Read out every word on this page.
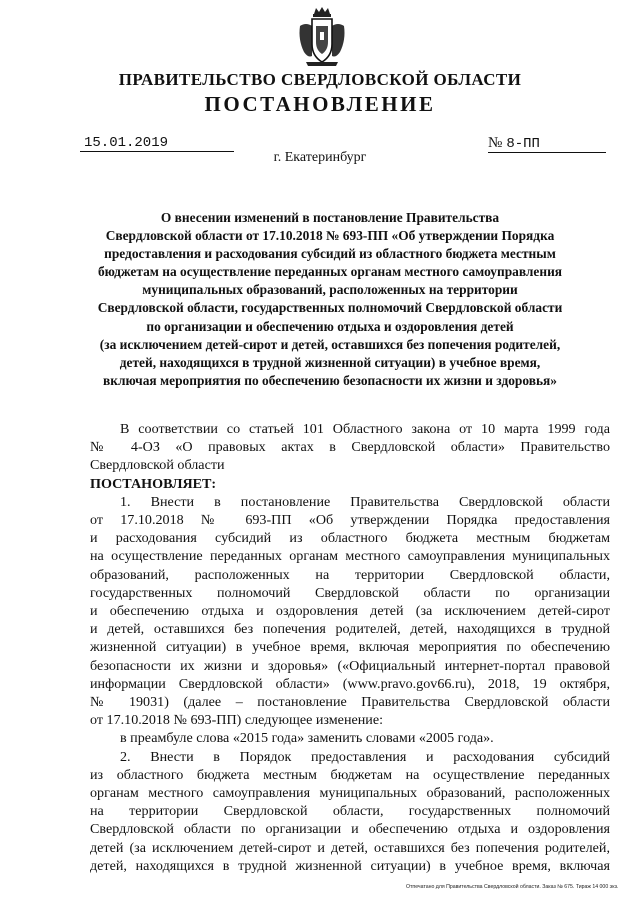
ПРАВИТЕЛЬСТВО СВЕРДЛОВСКОЙ ОБЛАСТИ
ПОСТАНОВЛЕНИЕ
15.01.2019	№ 8-ПП
г. Екатеринбург
О внесении изменений в постановление Правительства
Свердловской области от 17.10.2018 № 693-ПП «Об утверждении Порядка
предоставления и расходования субсидий из областного бюджета местным
бюджетам на осуществление переданных органам местного самоуправления
муниципальных образований, расположенных на территории
Свердловской области, государственных полномочий Свердловской области
по организации и обеспечению отдыха и оздоровления детей
(за исключением детей-сирот и детей, оставшихся без попечения родителей,
детей, находящихся в трудной жизненной ситуации) в учебное время,
включая мероприятия по обеспечению безопасности их жизни и здоровья»
В соответствии со статьей 101 Областного закона от 10 марта 1999 года
№ 4-ОЗ «О правовых актах в Свердловской области» Правительство
Свердловской области
ПОСТАНОВЛЯЕТ:
1. Внести в постановление Правительства Свердловской области
от 17.10.2018 № 693-ПП «Об утверждении Порядка предоставления
и расходования субсидий из областного бюджета местным бюджетам
на осуществление переданных органам местного самоуправления муниципальных
образований, расположенных на территории Свердловской области,
государственных полномочий Свердловской области по организации
и обеспечению отдыха и оздоровления детей (за исключением детей-сирот
и детей, оставшихся без попечения родителей, детей, находящихся в трудной
жизненной ситуации) в учебное время, включая мероприятия по обеспечению
безопасности их жизни и здоровья» («Официальный интернет-портал правовой
информации Свердловской области» (www.pravo.gov66.ru), 2018, 19 октября,
№ 19031) (далее – постановление Правительства Свердловской области
от 17.10.2018 № 693-ПП) следующее изменение:
в преамбуле слова «2015 года» заменить словами «2005 года».
2. Внести в Порядок предоставления и расходования субсидий
из областного бюджета местным бюджетам на осуществление переданных
органам местного самоуправления муниципальных образований, расположенных
на территории Свердловской области, государственных полномочий
Свердловской области по организации и обеспечению отдыха и оздоровления
детей (за исключением детей-сирот и детей, оставшихся без попечения родителей,
детей, находящихся в трудной жизненной ситуации) в учебное время, включая
Отпечатано для Правительства Свердловской области. Заказ № 675. Тираж 14 000 экз.
